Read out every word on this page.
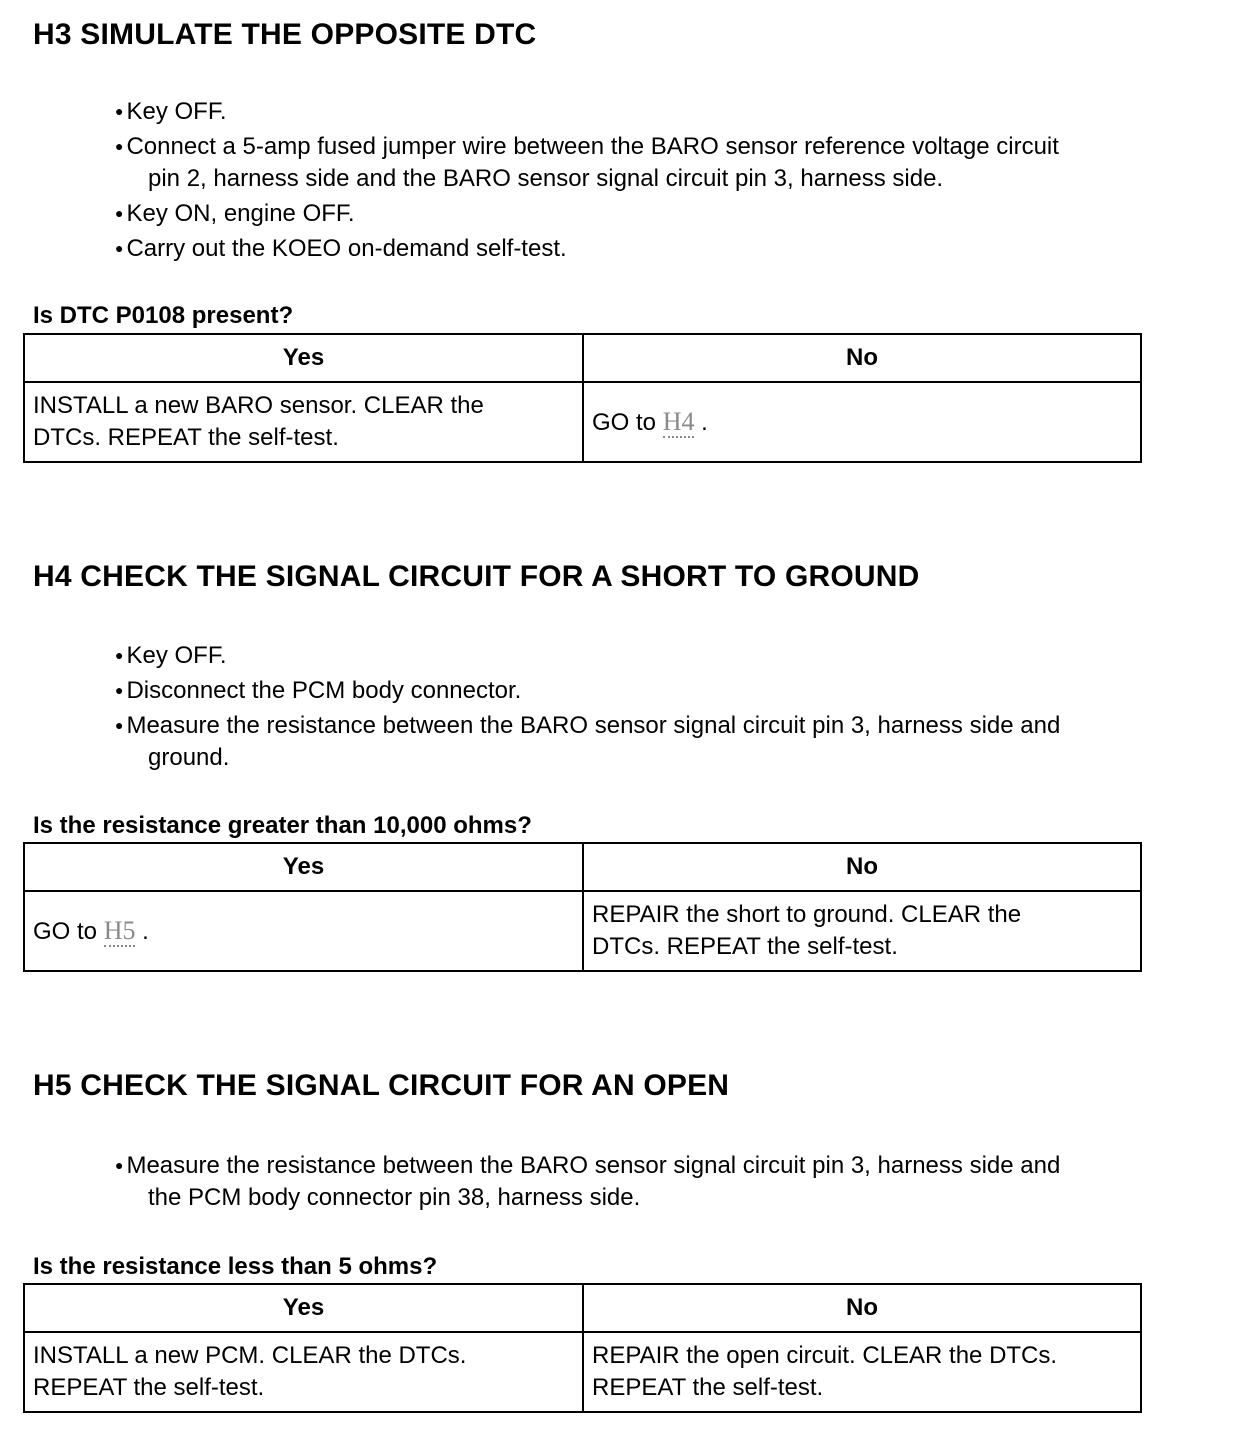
H3 SIMULATE THE OPPOSITE DTC
● Key OFF.
● Connect a 5-amp fused jumper wire between the BARO sensor reference voltage circuit
pin 2, harness side and the BARO sensor signal circuit pin 3, harness side.
● Key ON, engine OFF.
● Carry out the KOEO on-demand self-test.

Is DTC P0108 present?

Yes	No
INSTALL a new BARO sensor. CLEAR the
DTCs. REPEAT the self-test.	GO to H4 .
H4 CHECK THE SIGNAL CIRCUIT FOR A SHORT TO GROUND
● Key OFF.
● Disconnect the PCM body connector.
● Measure the resistance between the BARO sensor signal circuit pin 3, harness side and
ground.

Is the resistance greater than 10,000 ohms?

Yes	No
GO to H5 .	REPAIR the short to ground. CLEAR the
DTCs. REPEAT the self-test.
H5 CHECK THE SIGNAL CIRCUIT FOR AN OPEN
● Measure the resistance between the BARO sensor signal circuit pin 3, harness side and
the PCM body connector pin 38, harness side.

Is the resistance less than 5 ohms?

Yes	No
INSTALL a new PCM. CLEAR the DTCs.
REPEAT the self-test.	REPAIR the open circuit. CLEAR the DTCs.
REPEAT the self-test.
